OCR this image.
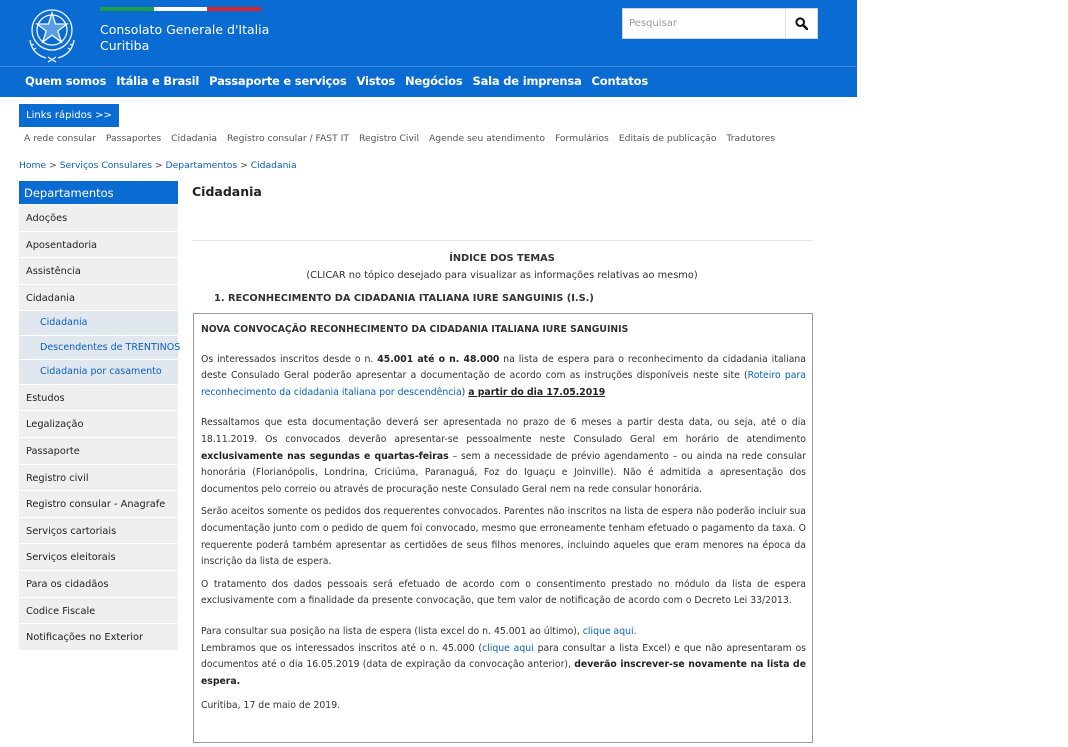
Consolato Generale d'Italia
Curitiba
Pesquisar
Quem somos Itália e Brasil Passaporte e serviços Vistos Negócios Sala de imprensa Contatos
Links rápidos >>
A rede consular Passaportes Cidadania Registro consular / FAST IT Registro Civil Agende seu atendimento Formulários Editais de publicação Tradutores
Home > Serviços Consulares > Departamentos > Cidadania
Departamentos
Adoções
Aposentadoria
Assistência
Cidadania
Cidadania
Descendentes de TRENTINOS
Cidadania por casamento
Estudos
Legalização
Passaporte
Registro civil
Registro consular - Anagrafe
Serviços cartoriais
Serviços eleitorais
Para os cidadãos
Codice Fiscale
Notificações no Exterior
Cidadania
ÍNDICE DOS TEMAS
(CLICAR no tópico desejado para visualizar as informações relativas ao mesmo)
1. RECONHECIMENTO DA CIDADANIA ITALIANA IURE SANGUINIS (I.S.)
NOVA CONVOCAÇÃO RECONHECIMENTO DA CIDADANIA ITALIANA IURE SANGUINIS

Os interessados inscritos desde o n. 45.001 até o n. 48.000 na lista de espera para o reconhecimento da cidadania italiana deste Consulado Geral poderão apresentar a documentação de acordo com as instruções disponíveis neste site (Roteiro para reconhecimento da cidadania italiana por descendência) a partir do dia 17.05.2019

Ressaltamos que esta documentação deverá ser apresentada no prazo de 6 meses a partir desta data, ou seja, até o dia 18.11.2019. Os convocados deverão apresentar-se pessoalmente neste Consulado Geral em horário de atendimento exclusivamente nas segundas e quartas-feiras – sem a necessidade de prévio agendamento – ou ainda na rede consular honorária (Florianópolis, Londrina, Criciúma, Paranaguá, Foz do Iguaçu e Joinville). Não é admitida a apresentação dos documentos pelo correio ou através de procuração neste Consulado Geral nem na rede consular honorária.

Serão aceitos somente os pedidos dos requerentes convocados. Parentes não inscritos na lista de espera não poderão incluir sua documentação junto com o pedido de quem foi convocado, mesmo que erroneamente tenham efetuado o pagamento da taxa. O requerente poderá também apresentar as certidões de seus filhos menores, incluindo aqueles que eram menores na época da inscrição da lista de espera.

O tratamento dos dados pessoais será efetuado de acordo com o consentimento prestado no módulo da lista de espera exclusivamente com a finalidade da presente convocação, que tem valor de notificação de acordo com o Decreto Lei 33/2013.

Para consultar sua posição na lista de espera (lista excel do n. 45.001 ao último), clique aqui.

Lembramos que os interessados inscritos até o n. 45.000 (clique aqui para consultar a lista Excel) e que não apresentaram os documentos até o dia 16.05.2019 (data de expiração da convocação anterior), deverão inscrever-se novamente na lista de espera.

Curitiba, 17 de maio de 2019.
